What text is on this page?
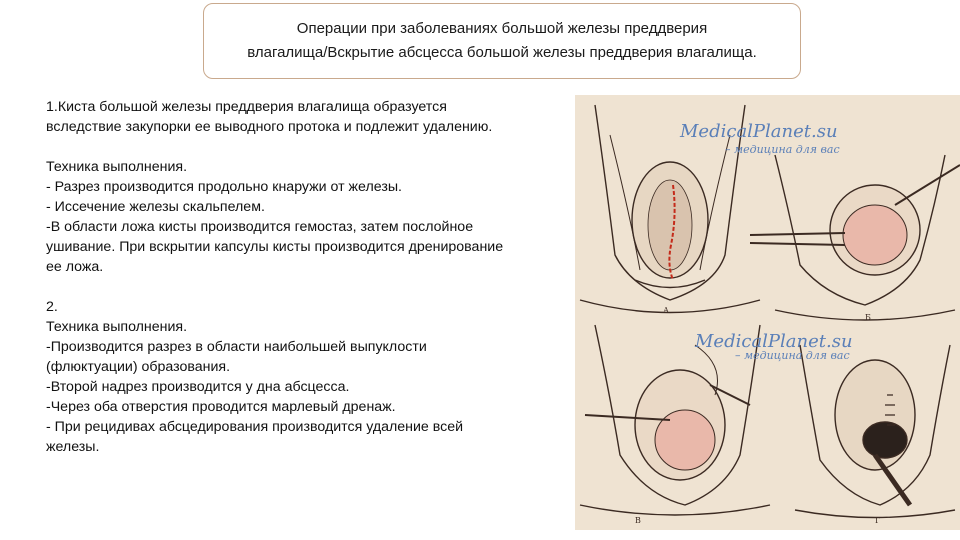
Операции при заболеваниях большой железы преддверия
влагалища/Вскрытие абсцесса большой железы преддверия влагалища.

1.Киста большой железы преддверия влагалища образуется

вследствие закупорки ее выводного протока и подлежит удалению.

Техника выполнения.

- Разрез производится продольно кнаружи от железы.

- Иссечение железы скальпелем.

-В области ложа кисты производится гемостаз, затем послойное

ушивание. При вскрытии капсулы кисты производится дренирование

ее ложа.

2.

Техника выполнения.

-Производится разрез в области наибольшей выпуклости

(флюктуации) образования.

-Второй надрез производится у дна абсцесса.

-Через оба отверстия проводится марлевый дренаж.

- При рецидивах абсцедирования производится удаление всей

железы.

А
Б
В	Г
MedicalPlanet.su
– медицина для вас
MedicalPlanet.su
– медицина для вас
